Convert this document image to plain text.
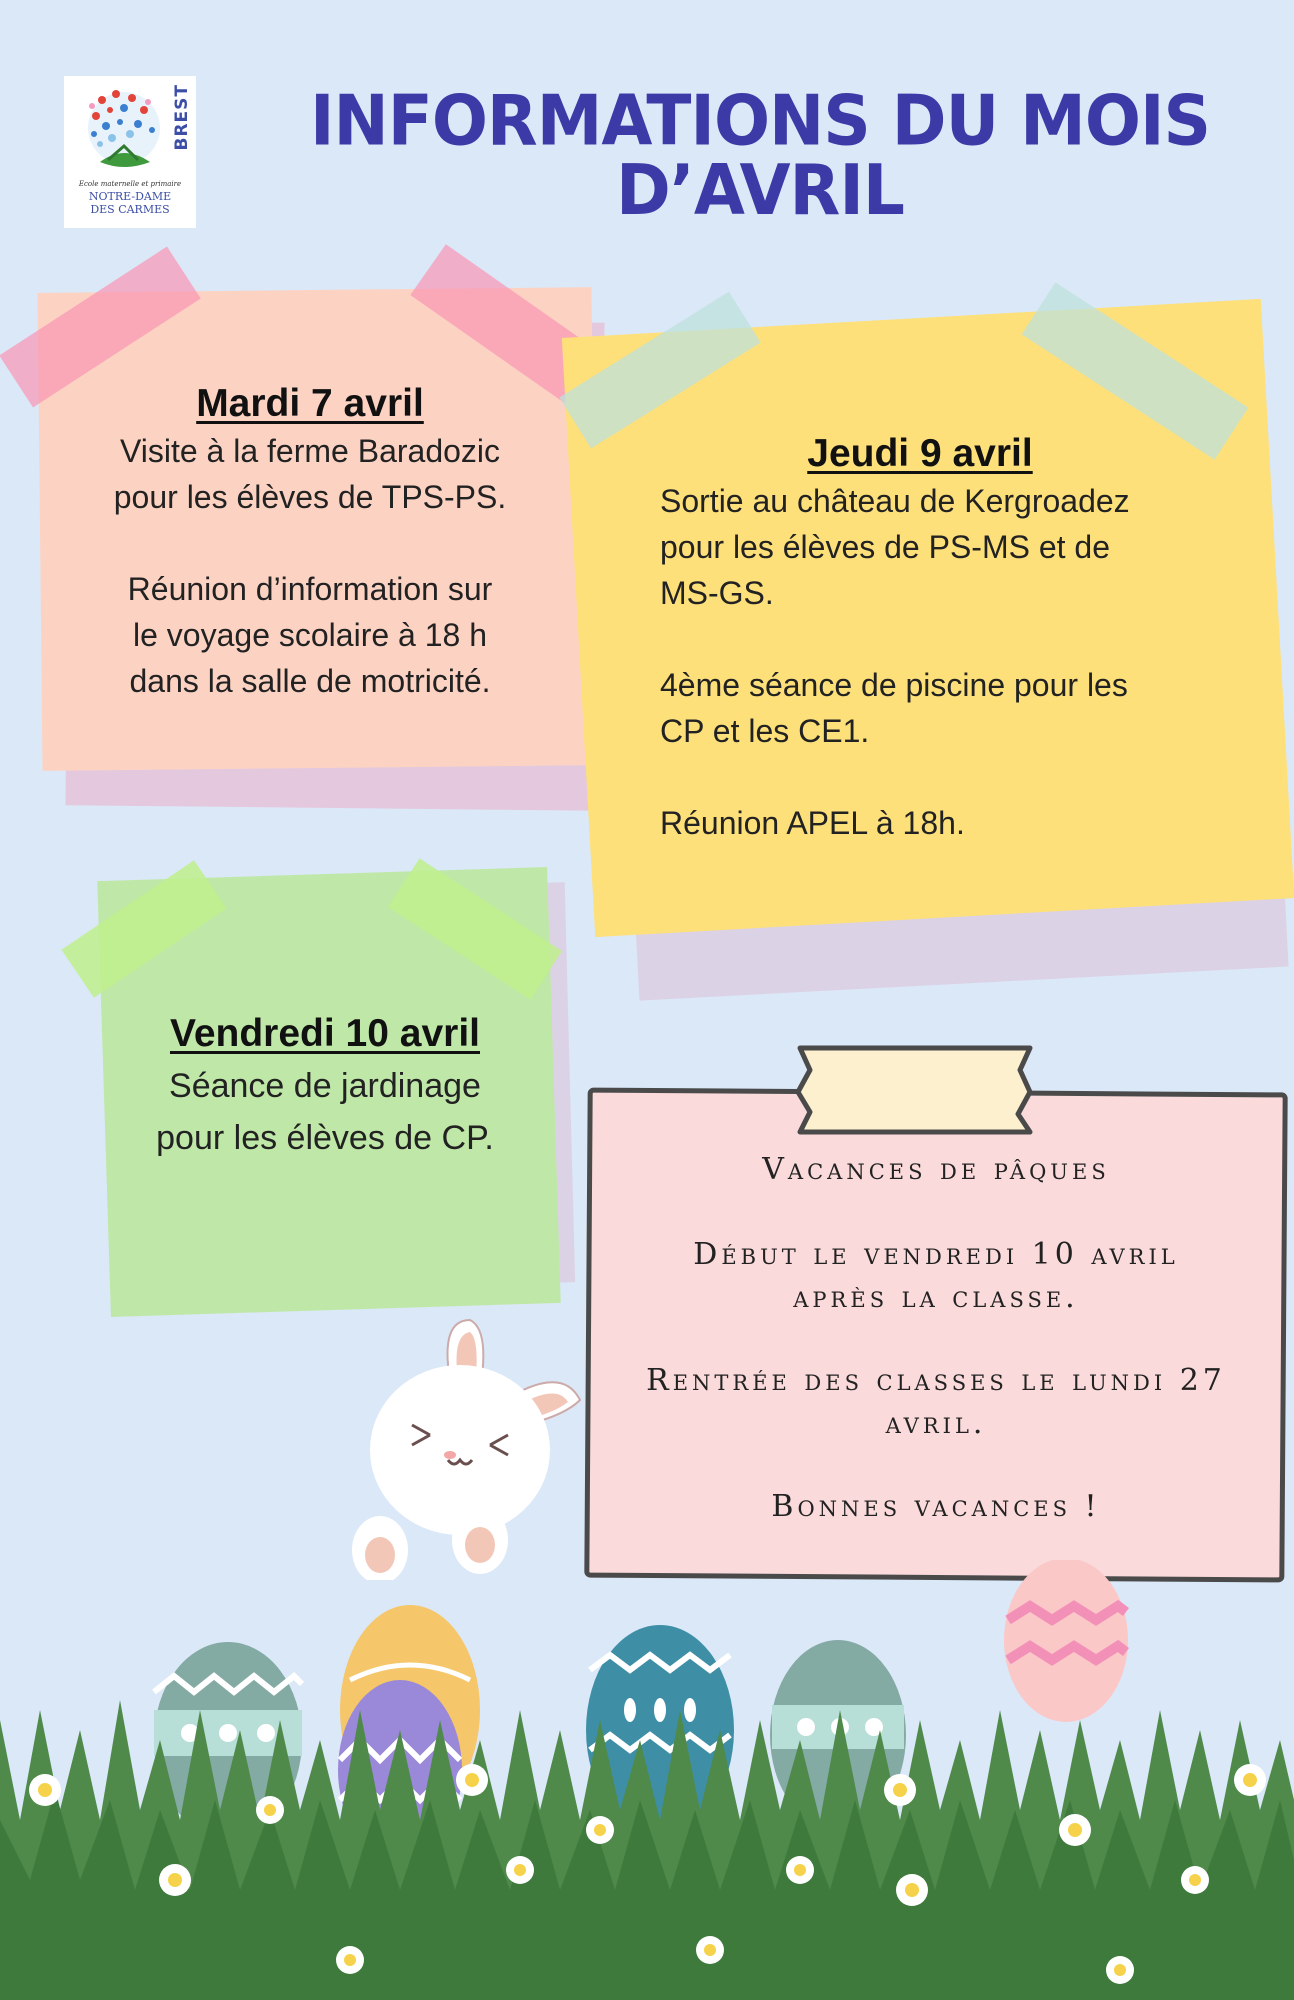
BREST
Ecole maternelle et primaire
NOTRE-DAME
DES CARMES
INFORMATIONS DU MOIS
D’AVRIL
Mardi 7 avril
Visite à la ferme Baradozic
pour les élèves de TPS-PS.

Réunion d’information sur
le voyage scolaire à 18 h
dans la salle de motricité.
Jeudi 9 avril
Sortie au château de Kergroadez
pour les élèves de PS-MS et de
MS-GS.

4ème séance de piscine pour les
CP et les CE1.

Réunion APEL à 18h.
Vendredi 10 avril
Séance de jardinage
pour les élèves de CP.
Vacances de pâques
Début le vendredi 10 avril
après la classe.
Rentrée des classes le lundi 27
avril.
Bonnes vacances !
